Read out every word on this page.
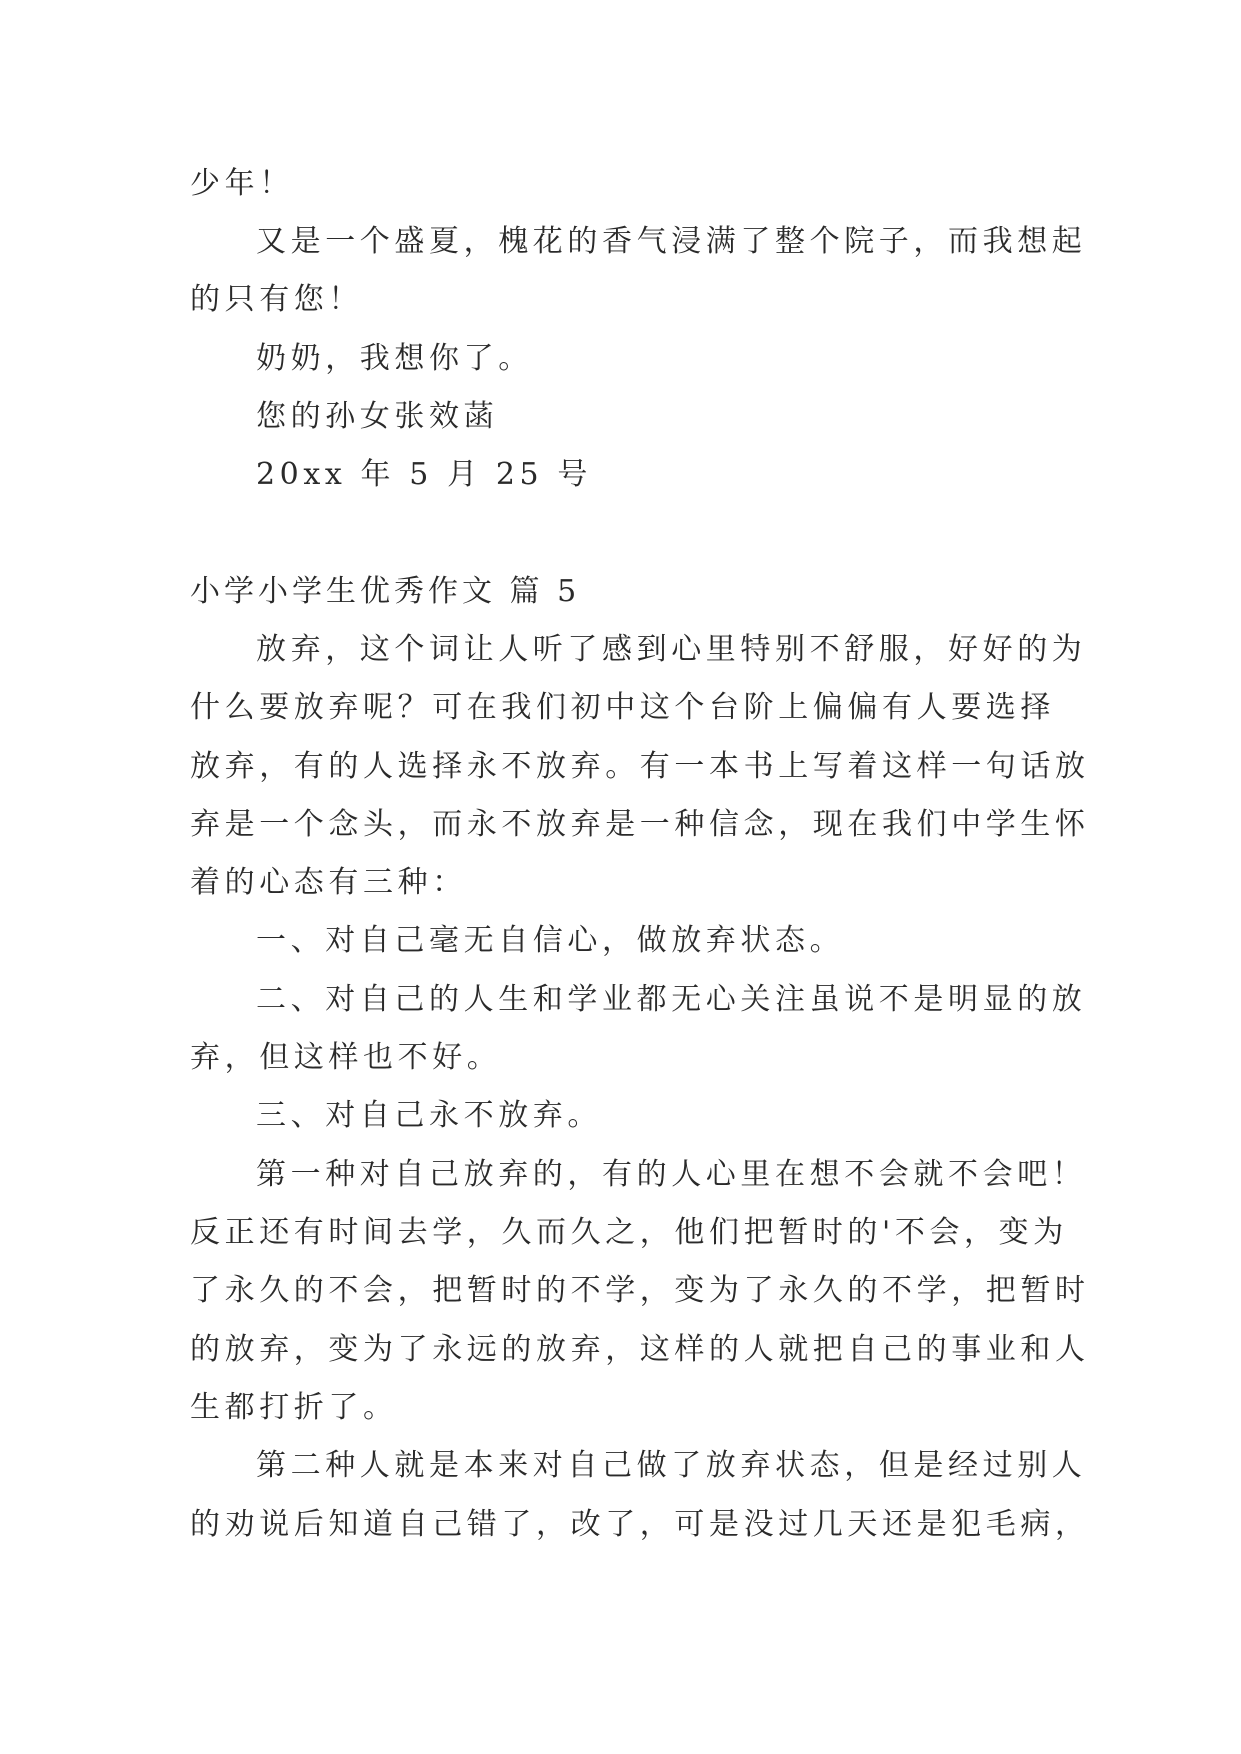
少年！

又是一个盛夏，槐花的香气浸满了整个院子，而我想起

的只有您！

奶奶，我想你了。

您的孙女张效菡

20xx 年 5 月 25 号

小学小学生优秀作文 篇 5

放弃，这个词让人听了感到心里特别不舒服，好好的为

什么要放弃呢？可在我们初中这个台阶上偏偏有人要选择

放弃，有的人选择永不放弃。有一本书上写着这样一句话放

弃是一个念头，而永不放弃是一种信念，现在我们中学生怀

着的心态有三种：

一、对自己毫无自信心，做放弃状态。

二、对自己的人生和学业都无心关注虽说不是明显的放

弃，但这样也不好。

三、对自己永不放弃。

第一种对自己放弃的，有的人心里在想不会就不会吧！

反正还有时间去学，久而久之，他们把暂时的'不会，变为

了永久的不会，把暂时的不学，变为了永久的不学，把暂时

的放弃，变为了永远的放弃，这样的人就把自己的事业和人

生都打折了。

第二种人就是本来对自己做了放弃状态，但是经过别人

的劝说后知道自己错了，改了，可是没过几天还是犯毛病，
